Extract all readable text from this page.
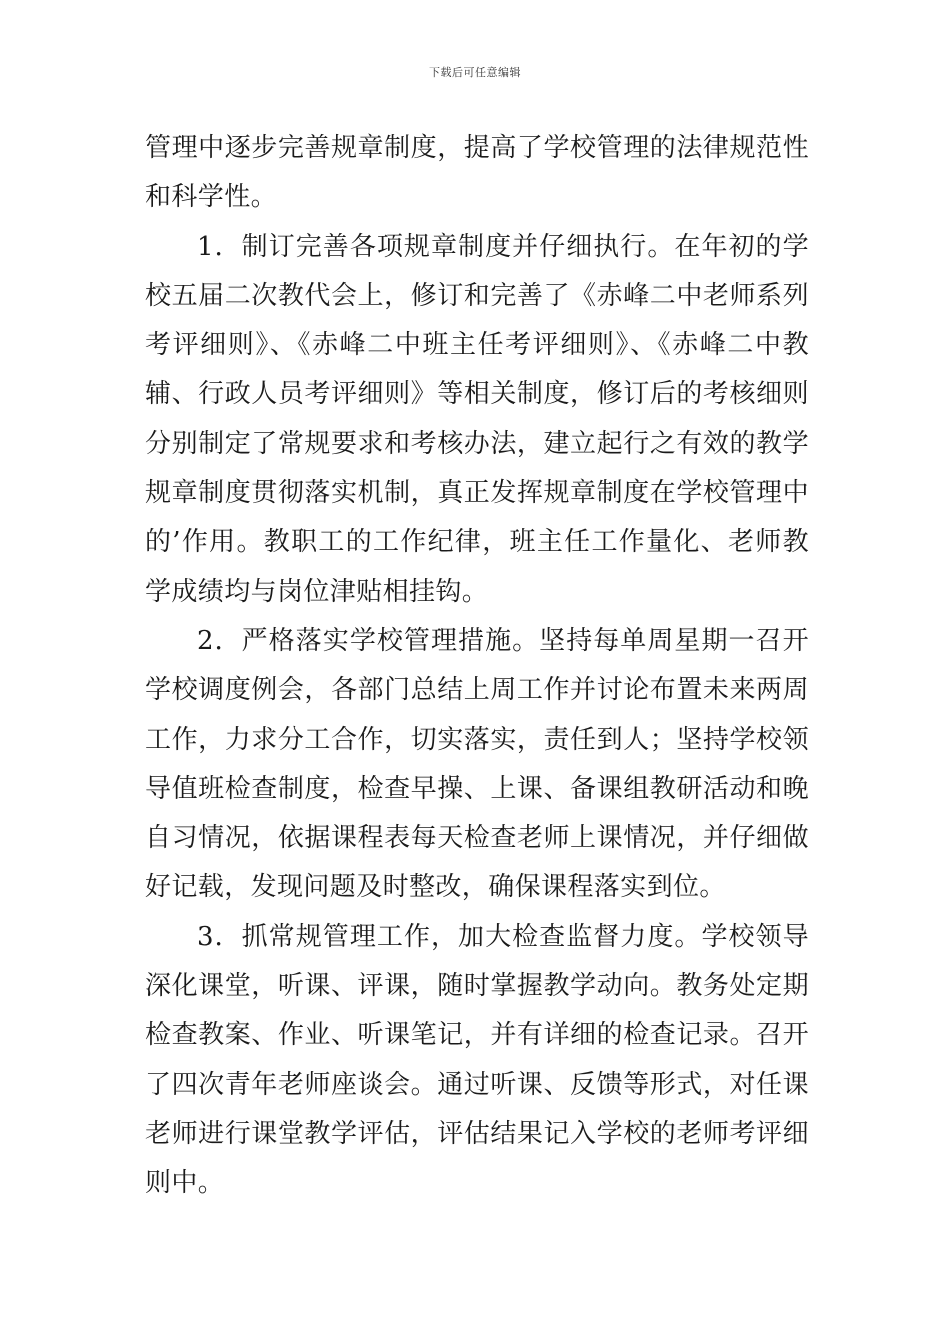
下载后可任意编辑

管理中逐步完善规章制度，提高了学校管理的法律规范性和科学性。

1．制订完善各项规章制度并仔细执行。在年初的学校五届二次教代会上，修订和完善了《赤峰二中老师系列考评细则》、《赤峰二中班主任考评细则》、《赤峰二中教辅、行政人员考评细则》等相关制度，修订后的考核细则分别制定了常规要求和考核办法，建立起行之有效的教学规章制度贯彻落实机制，真正发挥规章制度在学校管理中的’作用。教职工的工作纪律，班主任工作量化、老师教学成绩均与岗位津贴相挂钩。

2．严格落实学校管理措施。坚持每单周星期一召开学校调度例会，各部门总结上周工作并讨论布置未来两周工作，力求分工合作，切实落实，责任到人；坚持学校领导值班检查制度，检查早操、上课、备课组教研活动和晚自习情况，依据课程表每天检查老师上课情况，并仔细做好记载，发现问题及时整改，确保课程落实到位。

3．抓常规管理工作，加大检查监督力度。学校领导深化课堂，听课、评课，随时掌握教学动向。教务处定期检查教案、作业、听课笔记，并有详细的检查记录。召开了四次青年老师座谈会。通过听课、反馈等形式，对任课老师进行课堂教学评估，评估结果记入学校的老师考评细则中。
